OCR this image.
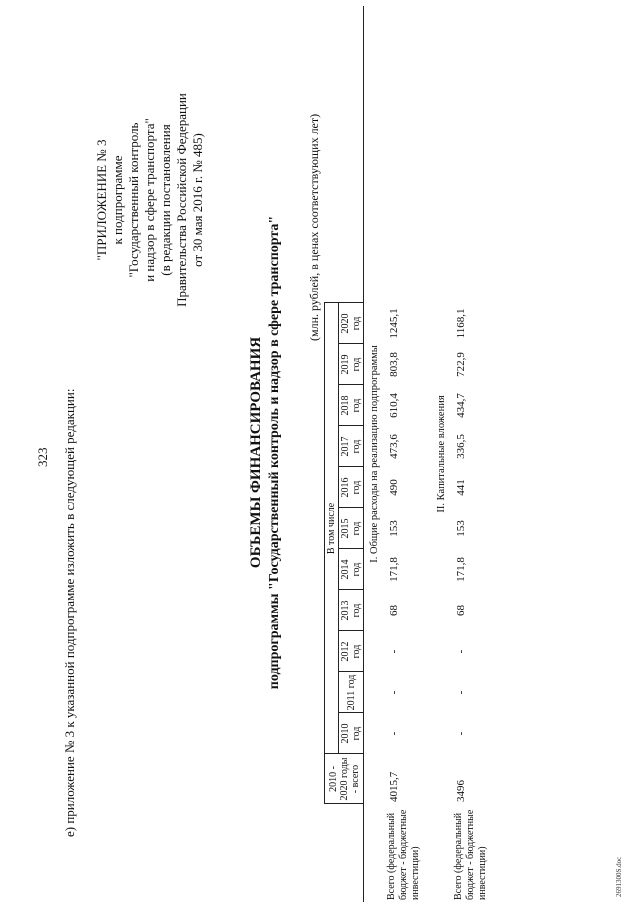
323 е) приложение № 3 к указанной подпрограмме изложить в следующей редакции:
"ПРИЛОЖЕНИЕ № 3 к подпрограмме "Государственный контроль и надзор в сфере транспорта" (в редакции постановления Правительства Российской Федерации от 30 мая 2016 г. № 485)
ОБЪЕМЫ ФИНАНСИРОВАНИЯ подпрограммы "Государственный контроль и надзор в сфере транспорта" (млн. рублей, в ценах соответствующих лет)
	2010 - 2020 годы - всего	В том числе											
		2010 год	2011 год	2012 год	2013 год	2014 год	2015 год	2016 год	2017 год	2018 год	2019 год	2020 год	
I. Общие расходы на реализацию подпрограммы													
Всего (федеральный бюджет - бюджетные инвестиции)	4015,7	-	-	-	68	171,8	153	490	473,6	610,4	803,8	1245,1	
II. Капитальные вложения													
Всего (федеральный бюджет - бюджетные инвестиции)	3496	-	-	-	68	171,8	153	441	336,5	434,7	722,9	1168,1	
2691300S.doc
